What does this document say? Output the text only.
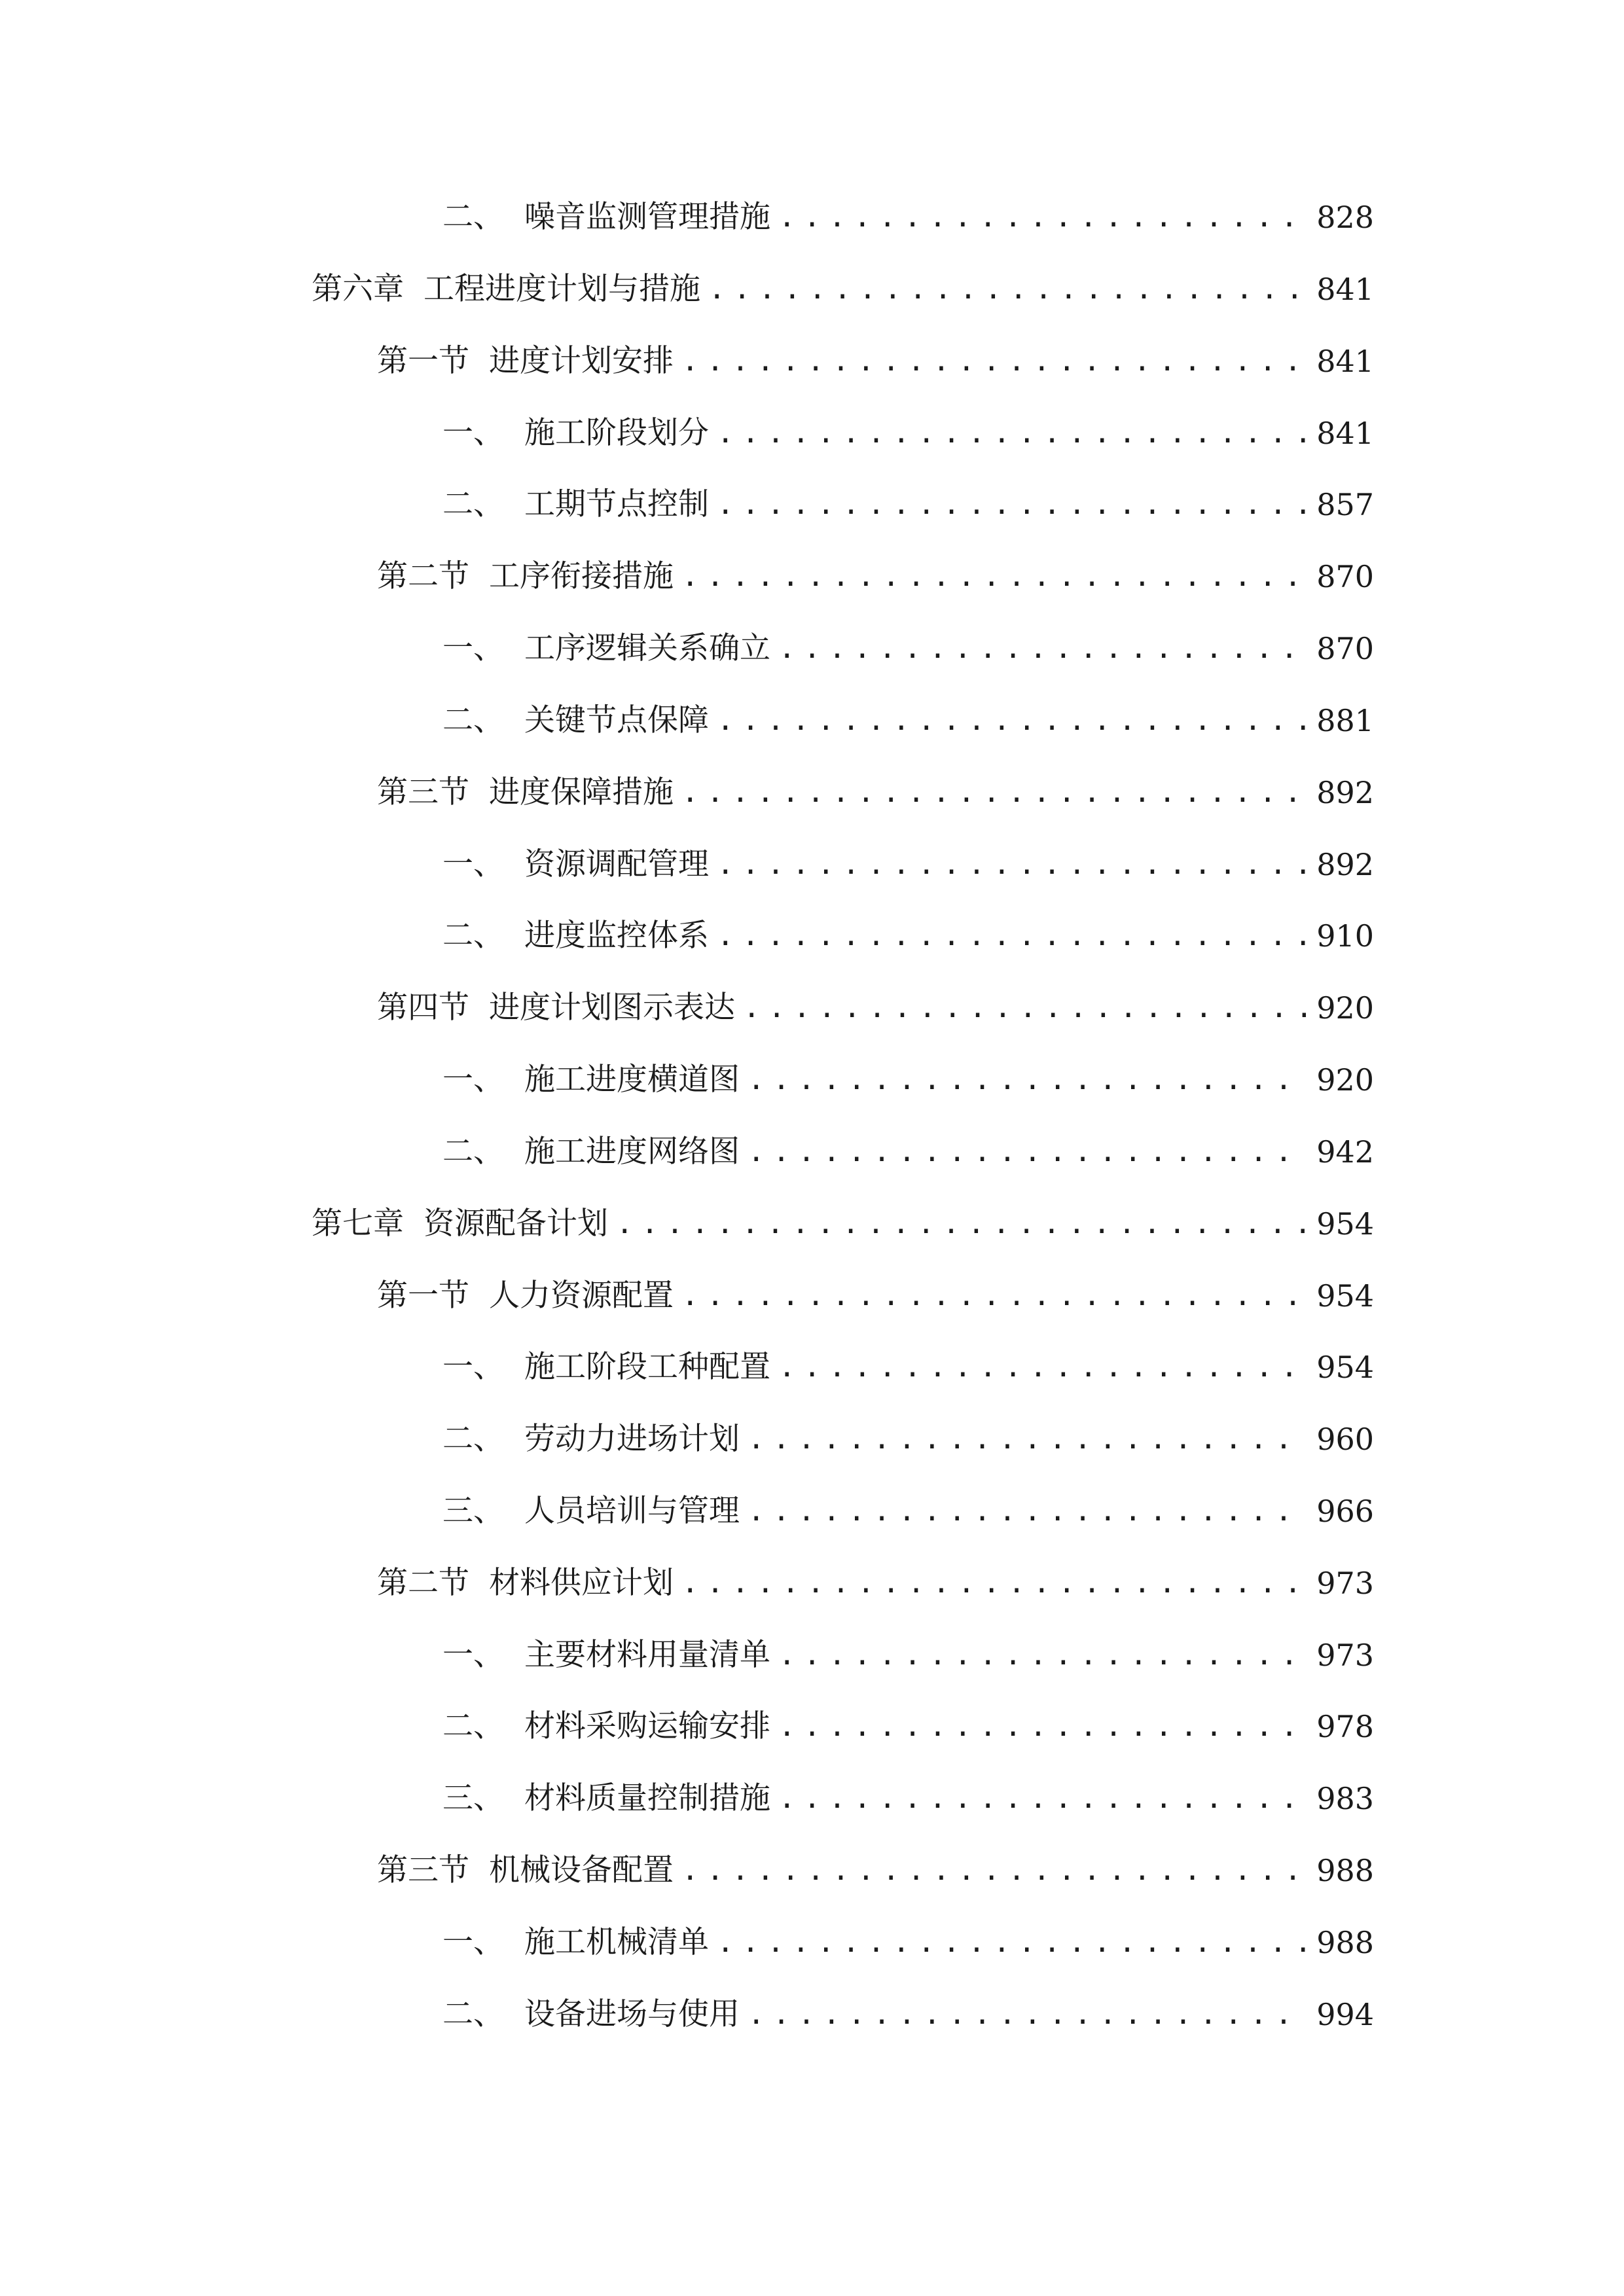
二、 噪音监测管理措施 .....	828
第六章 工程进度计划与措施 .....	841
第一节 进度计划安排 .....	841
一、 施工阶段划分 .....	841
二、 工期节点控制 .....	857
第二节 工序衔接措施 .....	870
一、 工序逻辑关系确立 .....	870
二、 关键节点保障 .....	881
第三节 进度保障措施 .....	892
一、 资源调配管理 .....	892
二、 进度监控体系 .....	910
第四节 进度计划图示表达 .....	920
一、 施工进度横道图 .....	920
二、 施工进度网络图 .....	942
第七章 资源配备计划 .....	954
第一节 人力资源配置 .....	954
一、 施工阶段工种配置 .....	954
二、 劳动力进场计划 .....	960
三、 人员培训与管理 .....	966
第二节 材料供应计划 .....	973
一、 主要材料用量清单 .....	973
二、 材料采购运输安排 .....	978
三、 材料质量控制措施 .....	983
第三节 机械设备配置 .....	988
一、 施工机械清单 .....	988
二、 设备进场与使用 .....	994
